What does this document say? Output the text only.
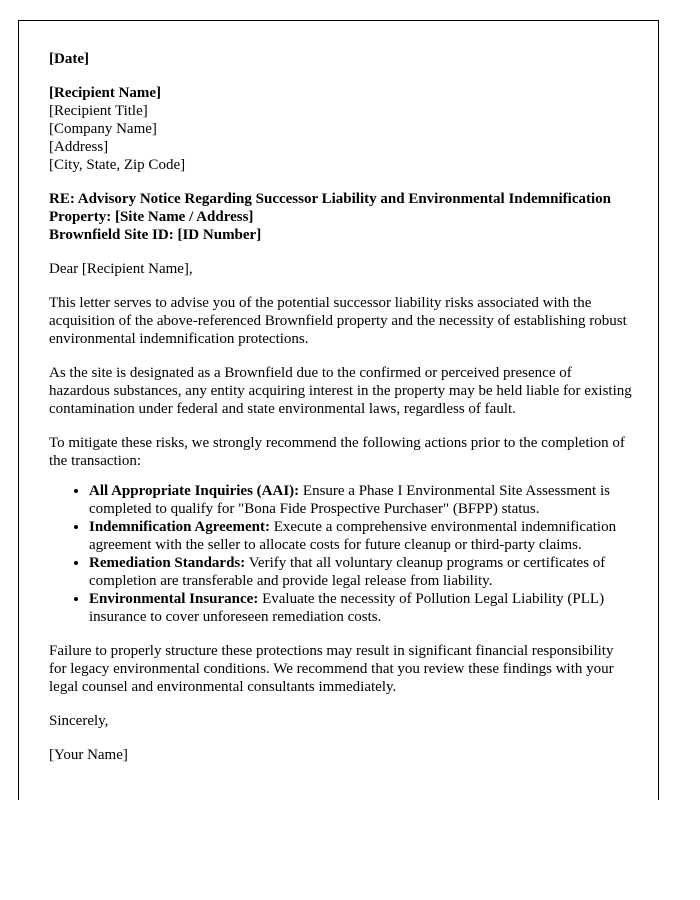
[Date]
[Recipient Name]
[Recipient Title]
[Company Name]
[Address]
[City, State, Zip Code]
RE: Advisory Notice Regarding Successor Liability and Environmental Indemnification
Property: [Site Name / Address]
Brownfield Site ID: [ID Number]
Dear [Recipient Name],
This letter serves to advise you of the potential successor liability risks associated with the acquisition of the above-referenced Brownfield property and the necessity of establishing robust environmental indemnification protections.
As the site is designated as a Brownfield due to the confirmed or perceived presence of hazardous substances, any entity acquiring interest in the property may be held liable for existing contamination under federal and state environmental laws, regardless of fault.
To mitigate these risks, we strongly recommend the following actions prior to the completion of the transaction:
• All Appropriate Inquiries (AAI): Ensure a Phase I Environmental Site Assessment is completed to qualify for "Bona Fide Prospective Purchaser" (BFPP) status.
• Indemnification Agreement: Execute a comprehensive environmental indemnification agreement with the seller to allocate costs for future cleanup or third-party claims.
• Remediation Standards: Verify that all voluntary cleanup programs or certificates of completion are transferable and provide legal release from liability.
• Environmental Insurance: Evaluate the necessity of Pollution Legal Liability (PLL) insurance to cover unforeseen remediation costs.
Failure to properly structure these protections may result in significant financial responsibility for legacy environmental conditions. We recommend that you review these findings with your legal counsel and environmental consultants immediately.
Sincerely,
[Your Name]
